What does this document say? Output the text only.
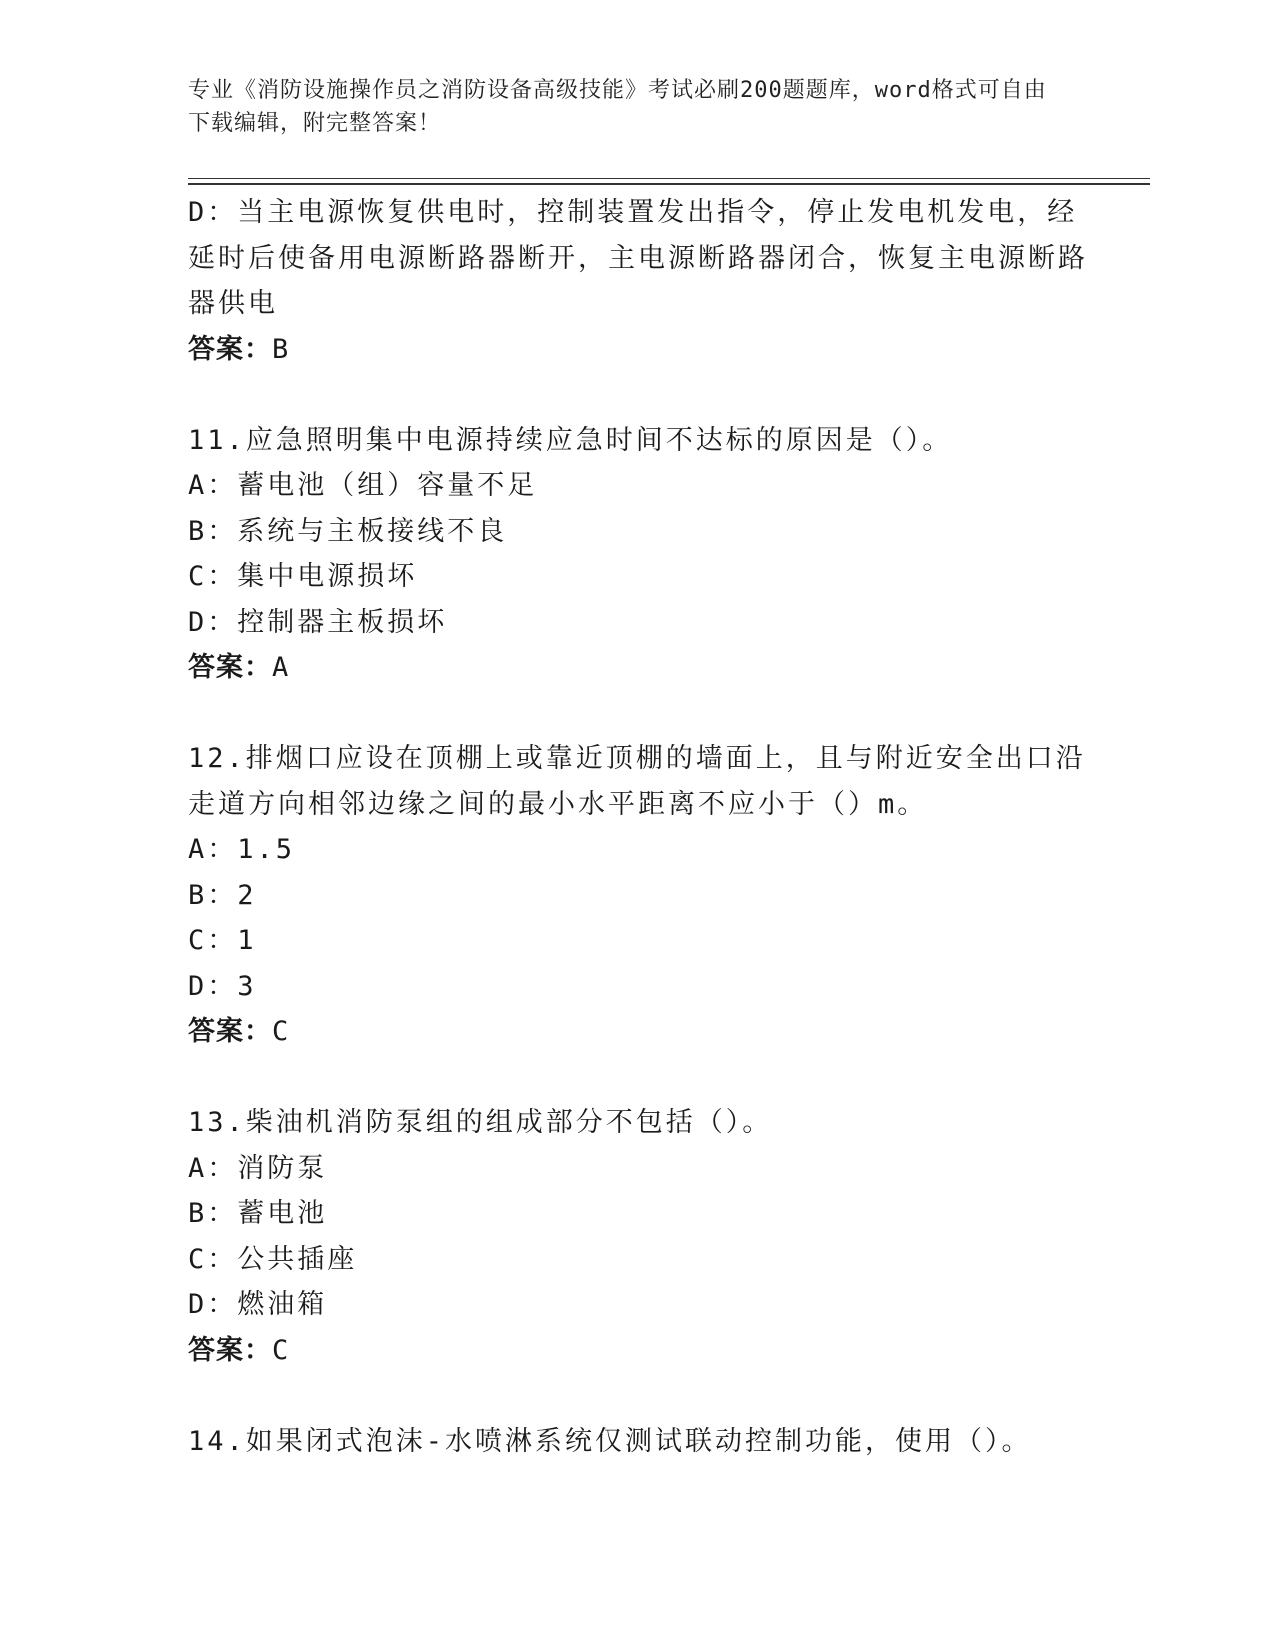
专业《消防设施操作员之消防设备高级技能》考试必刷200题题库，word格式可自由下载编辑，附完整答案！
D：当主电源恢复供电时，控制装置发出指令，停止发电机发电，经延时后使备用电源断路器断开，主电源断路器闭合，恢复主电源断路器供电
答案：B
11.应急照明集中电源持续应急时间不达标的原因是（）。
A：蓄电池（组）容量不足
B：系统与主板接线不良
C：集中电源损坏
D：控制器主板损坏
答案：A
12.排烟口应设在顶棚上或靠近顶棚的墙面上，且与附近安全出口沿走道方向相邻边缘之间的最小水平距离不应小于（）m。
A：1.5
B：2
C：1
D：3
答案：C
13.柴油机消防泵组的组成部分不包括（）。
A：消防泵
B：蓄电池
C：公共插座
D：燃油箱
答案：C
14.如果闭式泡沫-水喷淋系统仅测试联动控制功能，使用（）。
